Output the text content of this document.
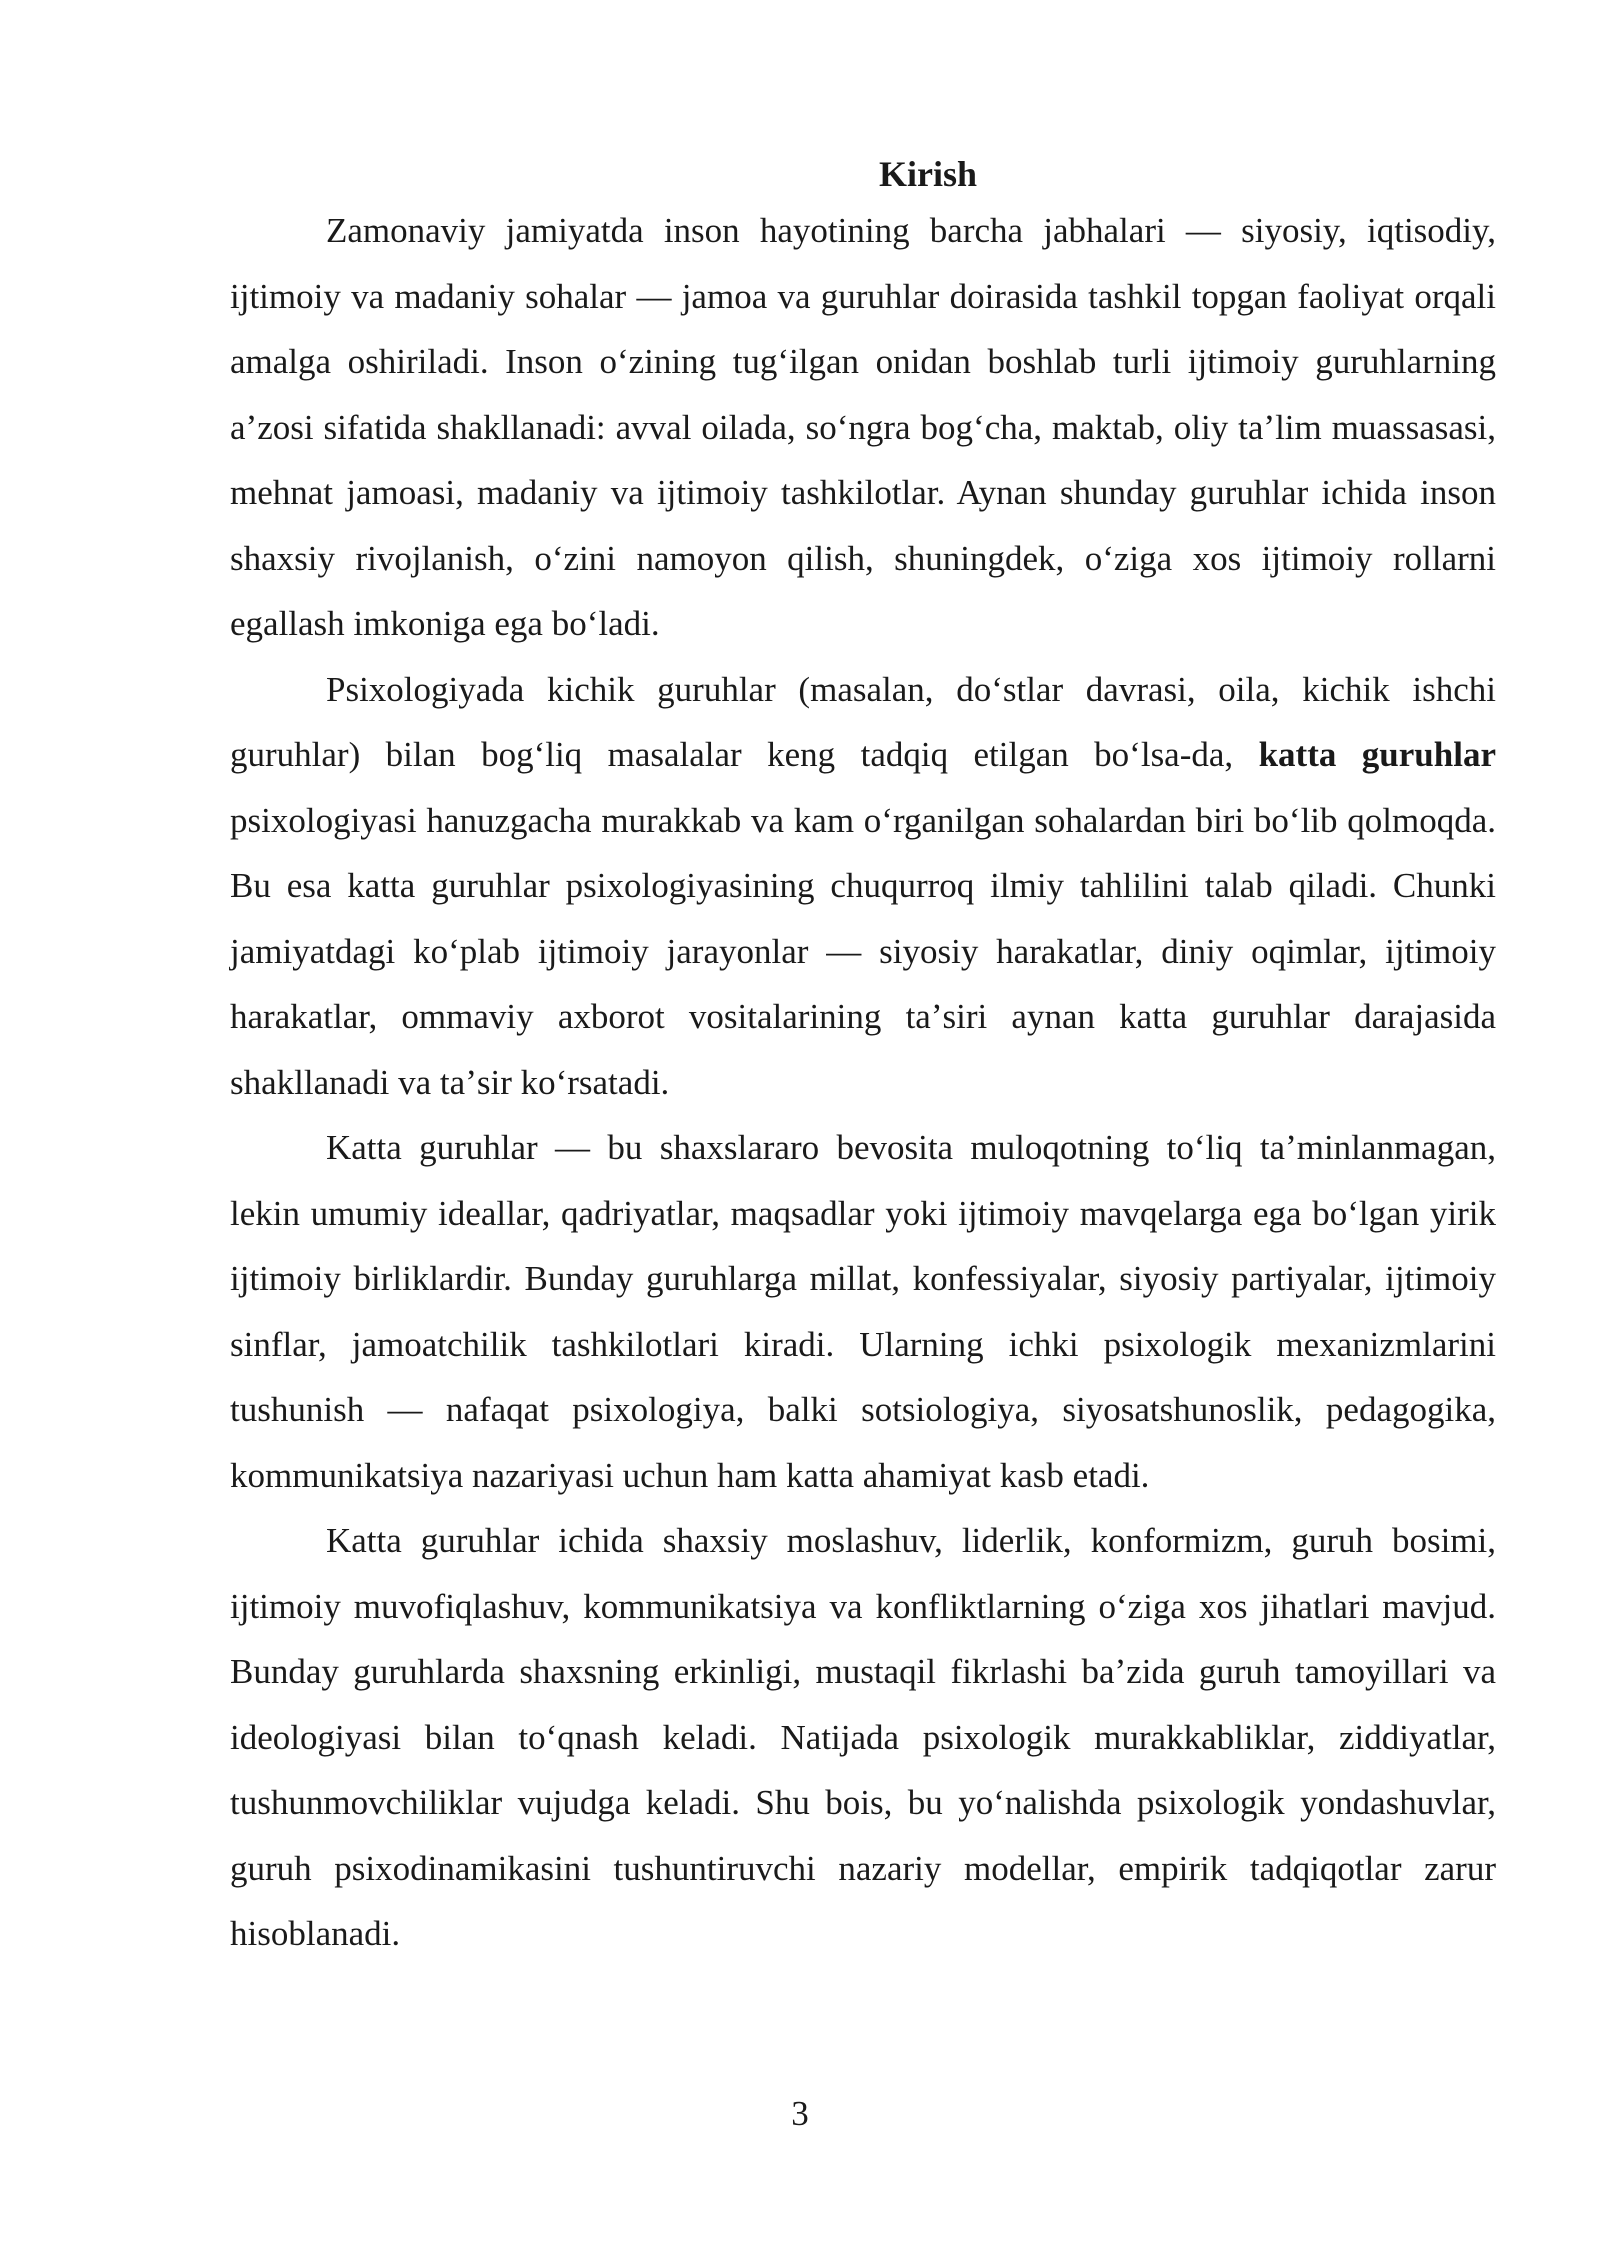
Kirish

Zamonaviy jamiyatda inson hayotining barcha jabhalari — siyosiy, iqtisodiy, ijtimoiy va madaniy sohalar — jamoa va guruhlar doirasida tashkil topgan faoliyat orqali amalga oshiriladi. Inson oʻzining tugʻilgan onidan boshlab turli ijtimoiy guruhlarning aʼzosi sifatida shakllanadi: avval oilada, soʻngra bogʻcha, maktab, oliy taʼlim muassasasi, mehnat jamoasi, madaniy va ijtimoiy tashkilotlar. Aynan shunday guruhlar ichida inson shaxsiy rivojlanish, oʻzini namoyon qilish, shuningdek, oʻziga xos ijtimoiy rollarni egallash imkoniga ega boʻladi.

Psixologiyada kichik guruhlar (masalan, doʻstlar davrasi, oila, kichik ishchi guruhlar) bilan bogʻliq masalalar keng tadqiq etilgan boʻlsa-da, katta guruhlar psixologiyasi hanuzgacha murakkab va kam oʻrganilgan sohalardan biri boʻlib qolmoqda. Bu esa katta guruhlar psixologiyasining chuqurroq ilmiy tahlilini talab qiladi. Chunki jamiyatdagi koʻplab ijtimoiy jarayonlar — siyosiy harakatlar, diniy oqimlar, ijtimoiy harakatlar, ommaviy axborot vositalarining taʼsiri aynan katta guruhlar darajasida shakllanadi va taʼsir koʻrsatadi.

Katta guruhlar — bu shaxslararo bevosita muloqotning toʻliq taʼminlanmagan, lekin umumiy ideallar, qadriyatlar, maqsadlar yoki ijtimoiy mavqelarga ega boʻlgan yirik ijtimoiy birliklardir. Bunday guruhlarga millat, konfessiyalar, siyosiy partiyalar, ijtimoiy sinflar, jamoatchilik tashkilotlari kiradi. Ularning ichki psixologik mexanizmlarini tushunish — nafaqat psixologiya, balki sotsiologiya, siyosatshunoslik, pedagogika, kommunikatsiya nazariyasi uchun ham katta ahamiyat kasb etadi.

Katta guruhlar ichida shaxsiy moslashuv, liderlik, konformizm, guruh bosimi, ijtimoiy muvofiqlashuv, kommunikatsiya va konfliktlarning oʻziga xos jihatlari mavjud. Bunday guruhlarda shaxsning erkinligi, mustaqil fikrlashi baʼzida guruh tamoyillari va ideologiyasi bilan toʻqnash keladi. Natijada psixologik murakkabliklar, ziddiyatlar, tushunmovchiliklar vujudga keladi. Shu bois, bu yoʻnalishda psixologik yondashuvlar, guruh psixodinamikasini tushuntiruvchi nazariy modellar, empirik tadqiqotlar zarur hisoblanadi.

3
